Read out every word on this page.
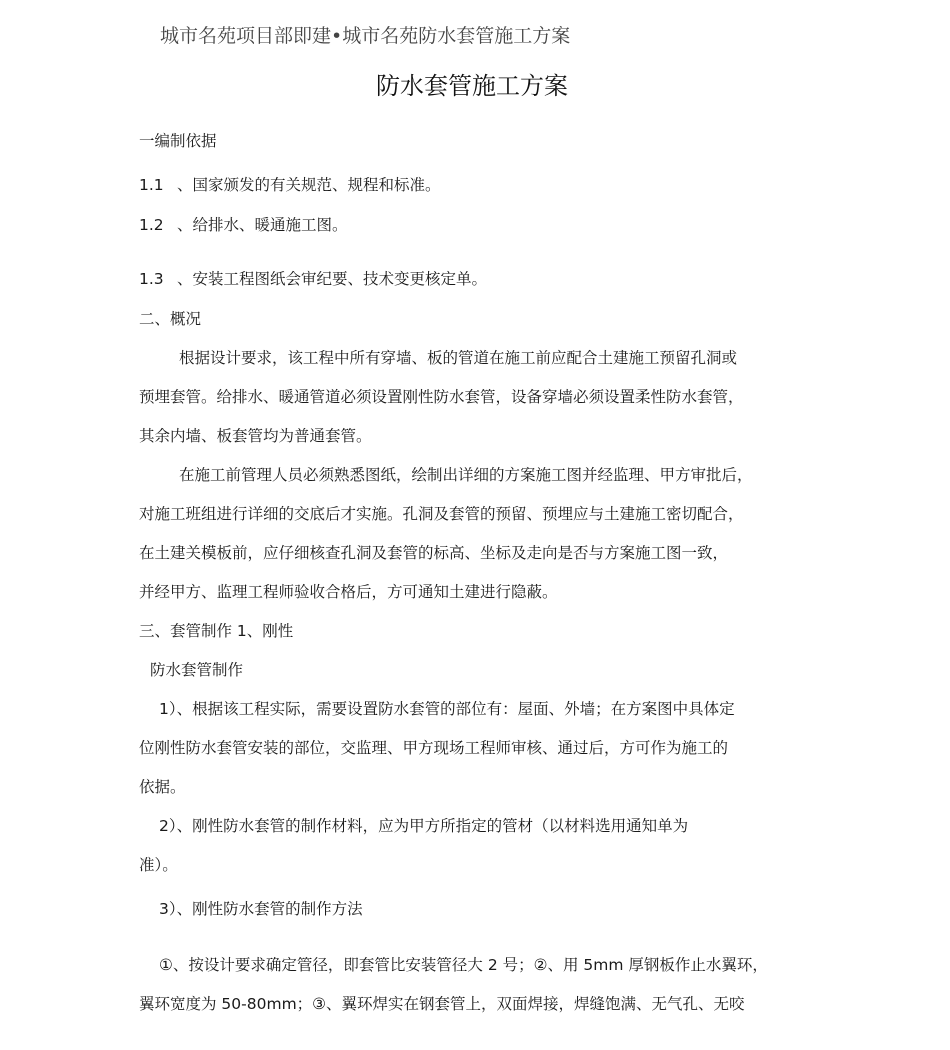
城市名苑项目部即建•城市名苑防水套管施工方案
防水套管施工方案
一编制依据
1.1 、国家颁发的有关规范、规程和标准。
1.2 、给排水、暖通施工图。
1.3 、安装工程图纸会审纪要、技术变更核定单。
二、概况
根据设计要求，该工程中所有穿墙、板的管道在施工前应配合土建施工预留孔洞或
预埋套管。给排水、暖通管道必须设置刚性防水套管，设备穿墙必须设置柔性防水套管，
其余内墙、板套管均为普通套管。
在施工前管理人员必须熟悉图纸，绘制出详细的方案施工图并经监理、甲方审批后，
对施工班组进行详细的交底后才实施。孔洞及套管的预留、预埋应与土建施工密切配合，
在土建关模板前，应仔细核查孔洞及套管的标高、坐标及走向是否与方案施工图一致，
并经甲方、监理工程师验收合格后，方可通知土建进行隐蔽。
三、套管制作 1、刚性
防水套管制作
1）、根据该工程实际，需要设置防水套管的部位有：屋面、外墙；在方案图中具体定
位刚性防水套管安装的部位，交监理、甲方现场工程师审核、通过后，方可作为施工的
依据。
2）、刚性防水套管的制作材料，应为甲方所指定的管材（以材料选用通知单为
准）。
3）、刚性防水套管的制作方法
①、按设计要求确定管径，即套管比安装管径大 2 号；②、用 5mm 厚钢板作止水翼环，
翼环宽度为 50-80mm；③、翼环焊实在钢套管上，双面焊接，焊缝饱满、无气孔、无咬
